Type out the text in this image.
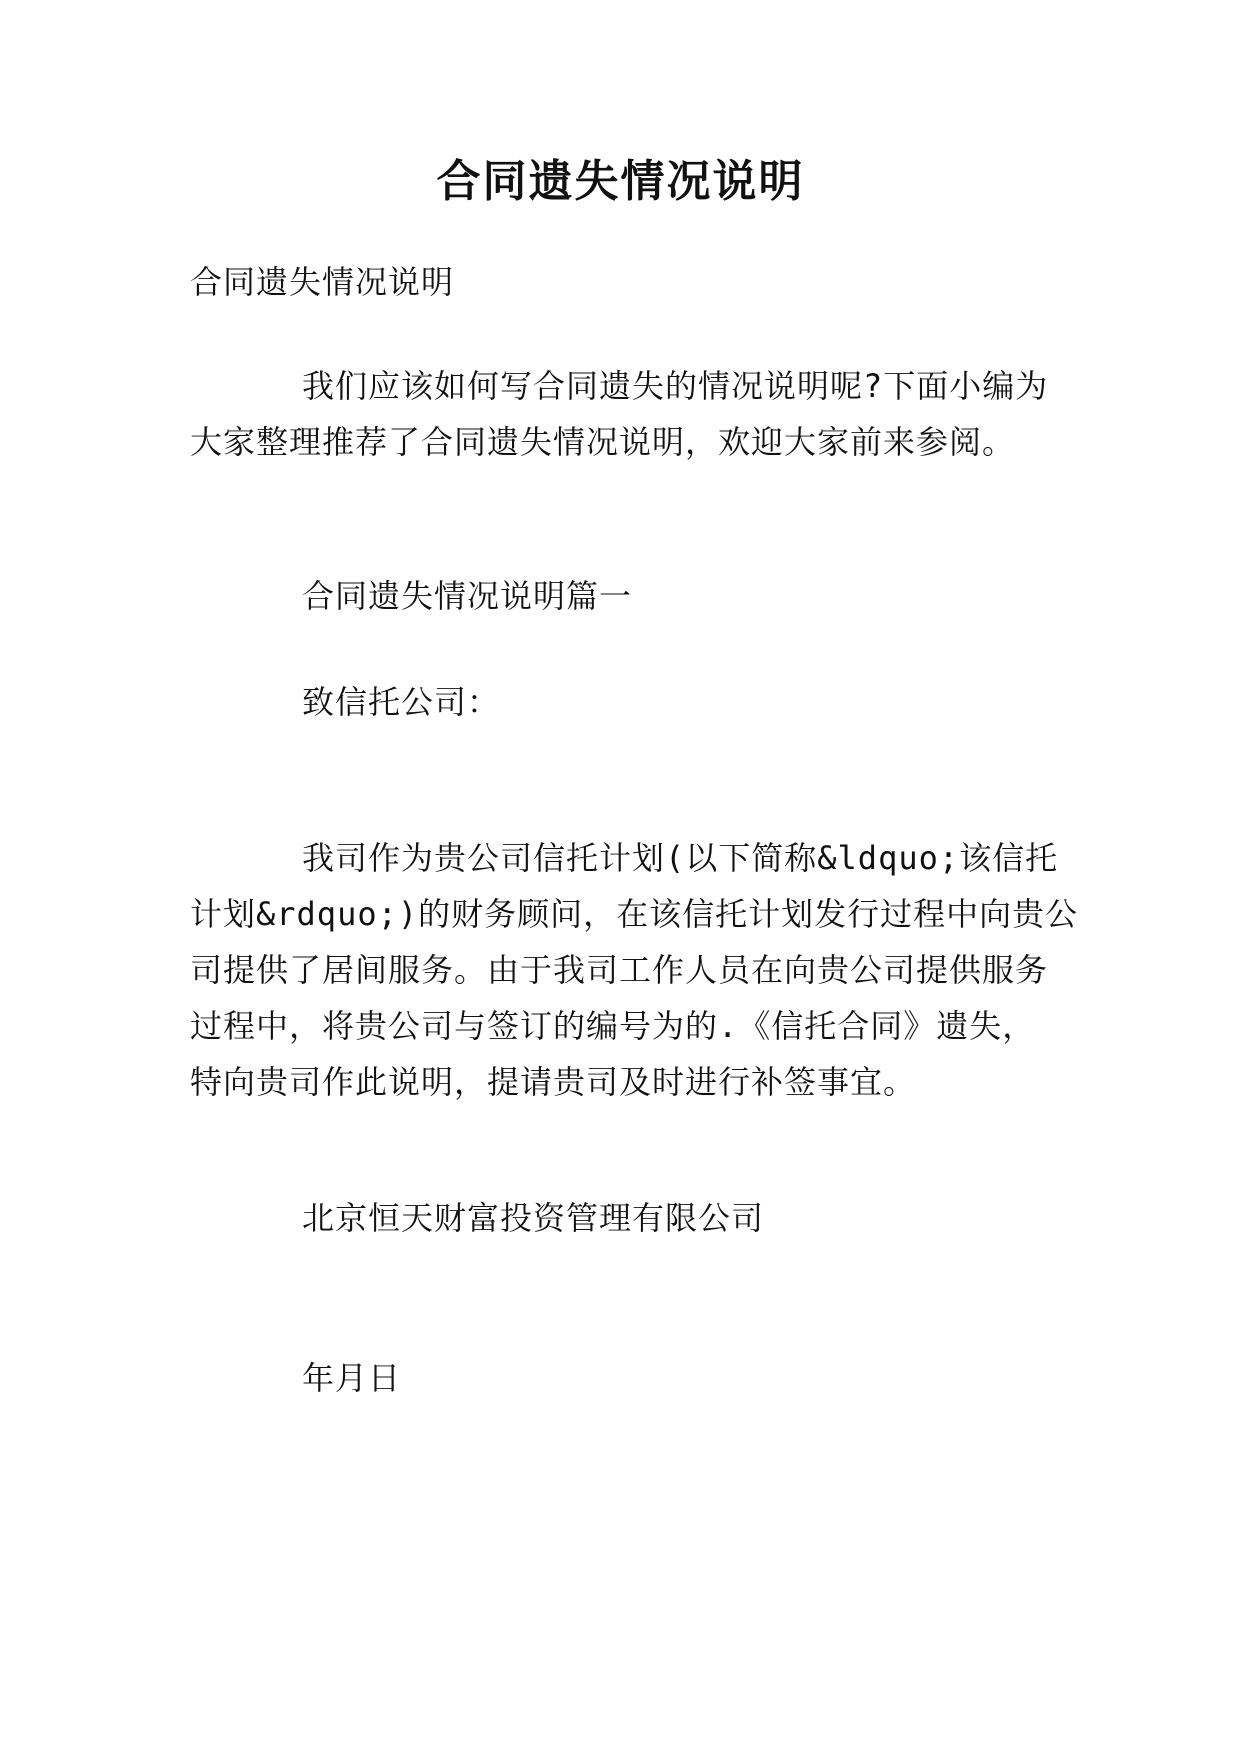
合同遗失情况说明
合同遗失情况说明
我们应该如何写合同遗失的情况说明呢?下面小编为
大家整理推荐了合同遗失情况说明，欢迎大家前来参阅。
合同遗失情况说明篇一
致信托公司：
我司作为贵公司信托计划(以下简称&ldquo;该信托
计划&rdquo;)的财务顾问，在该信托计划发行过程中向贵公
司提供了居间服务。由于我司工作人员在向贵公司提供服务
过程中，将贵公司与签订的编号为的.《信托合同》遗失，
特向贵司作此说明，提请贵司及时进行补签事宜。
北京恒天财富投资管理有限公司
年月日
